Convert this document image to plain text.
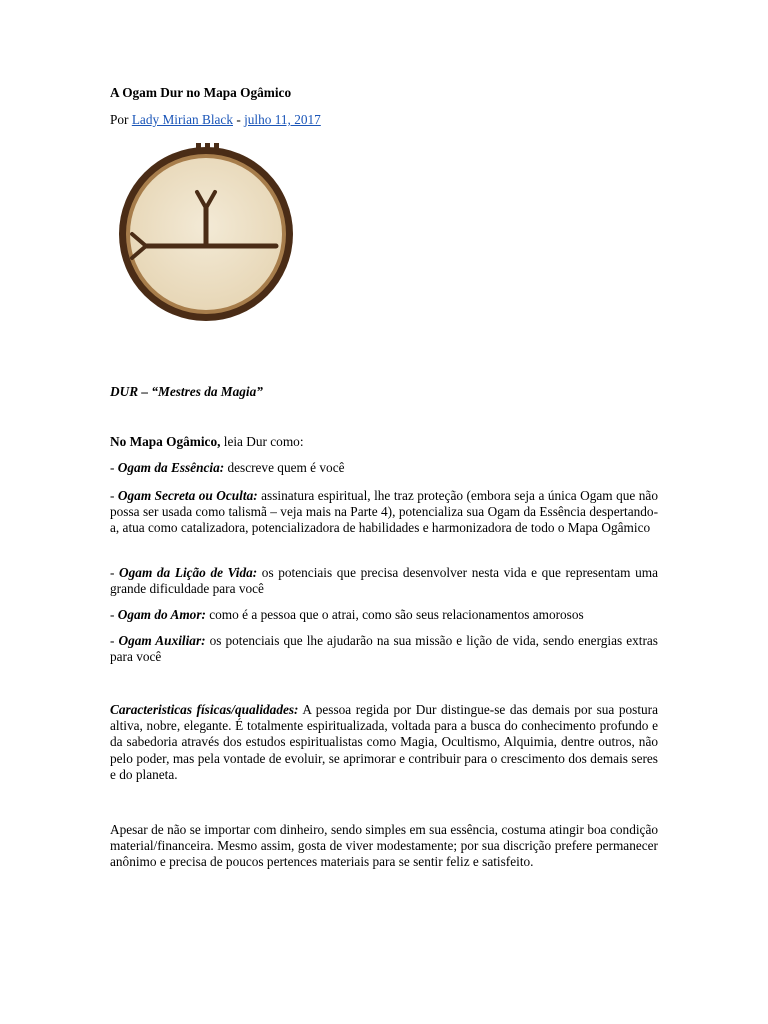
A Ogam Dur no Mapa Ogâmico
Por Lady Mirian Black - julho 11, 2017
DUR – “Mestres da Magia”

No Mapa Ogâmico, leia Dur como:

- Ogam da Essência: descreve quem é você

- Ogam Secreta ou Oculta: assinatura espiritual, lhe traz proteção (embora seja a única Ogam que não possa ser usada como talismã – veja mais na Parte 4), potencializa sua Ogam da Essência despertando-a, atua como catalizadora, potencializadora de habilidades e harmonizadora de todo o Mapa Ogâmico

- Ogam da Lição de Vida: os potenciais que precisa desenvolver nesta vida e que representam uma grande dificuldade para você

- Ogam do Amor: como é a pessoa que o atrai, como são seus relacionamentos amorosos

- Ogam Auxiliar: os potenciais que lhe ajudarão na sua missão e lição de vida, sendo energias extras para você

Caracteristicas físicas/qualidades: A pessoa regida por Dur distingue-se das demais por sua postura altiva, nobre, elegante. É totalmente espiritualizada, voltada para a busca do conhecimento profundo e da sabedoria através dos estudos espiritualistas como Magia, Ocultismo, Alquimia, dentre outros, não pelo poder, mas pela vontade de evoluir, se aprimorar e contribuir para o crescimento dos demais seres e do planeta.

Apesar de não se importar com dinheiro, sendo simples em sua essência, costuma atingir boa condição material/financeira. Mesmo assim, gosta de viver modestamente; por sua discrição prefere permanecer anônimo e precisa de poucos pertences materiais para se sentir feliz e satisfeito.
